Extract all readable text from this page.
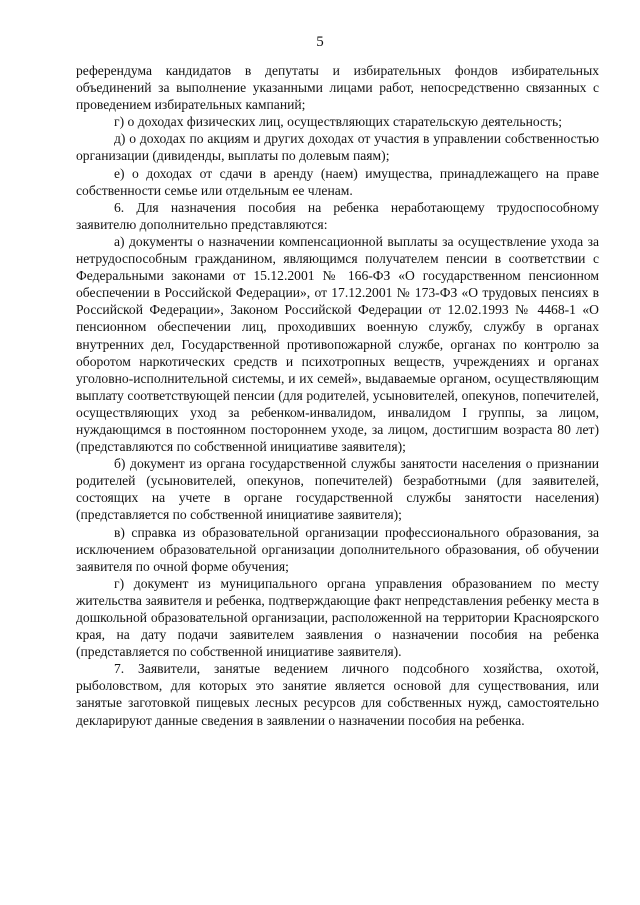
5

референдума кандидатов в депутаты и избирательных фондов избирательных объединений за выполнение указанными лицами работ, непосредственно связанных с проведением избирательных кампаний;

г) о доходах физических лиц, осуществляющих старательскую деятельность;

д) о доходах по акциям и других доходах от участия в управлении собственностью организации (дивиденды, выплаты по долевым паям);

е) о доходах от сдачи в аренду (наем) имущества, принадлежащего на праве собственности семье или отдельным ее членам.

6. Для назначения пособия на ребенка неработающему трудоспособному заявителю дополнительно представляются:

а) документы о назначении компенсационной выплаты за осуществление ухода за нетрудоспособным гражданином, являющимся получателем пенсии в соответствии с Федеральными законами от 15.12.2001 № 166-ФЗ «О государственном пенсионном обеспечении в Российской Федерации», от 17.12.2001 № 173-ФЗ «О трудовых пенсиях в Российской Федерации», Законом Российской Федерации от 12.02.1993 № 4468-1 «О пенсионном обеспечении лиц, проходивших военную службу, службу в органах внутренних дел, Государственной противопожарной службе, органах по контролю за оборотом наркотических средств и психотропных веществ, учреждениях и органах уголовно-исполнительной системы, и их семей», выдаваемые органом, осуществляющим выплату соответствующей пенсии (для родителей, усыновителей, опекунов, попечителей, осуществляющих уход за ребенком-инвалидом, инвалидом I группы, за лицом, нуждающимся в постоянном постороннем уходе, за лицом, достигшим возраста 80 лет) (представляются по собственной инициативе заявителя);

б) документ из органа государственной службы занятости населения о признании родителей (усыновителей, опекунов, попечителей) безработными (для заявителей, состоящих на учете в органе государственной службы занятости населения) (представляется по собственной инициативе заявителя);

в) справка из образовательной организации профессионального образования, за исключением образовательной организации дополнительного образования, об обучении заявителя по очной форме обучения;

г) документ из муниципального органа управления образованием по месту жительства заявителя и ребенка, подтверждающие факт непредставления ребенку места в дошкольной образовательной организации, расположенной на территории Красноярского края, на дату подачи заявителем заявления о назначении пособия на ребенка (представляется по собственной инициативе заявителя).

7. Заявители, занятые ведением личного подсобного хозяйства, охотой, рыболовством, для которых это занятие является основой для существования, или занятые заготовкой пищевых лесных ресурсов для собственных нужд, самостоятельно декларируют данные сведения в заявлении о назначении пособия на ребенка.
